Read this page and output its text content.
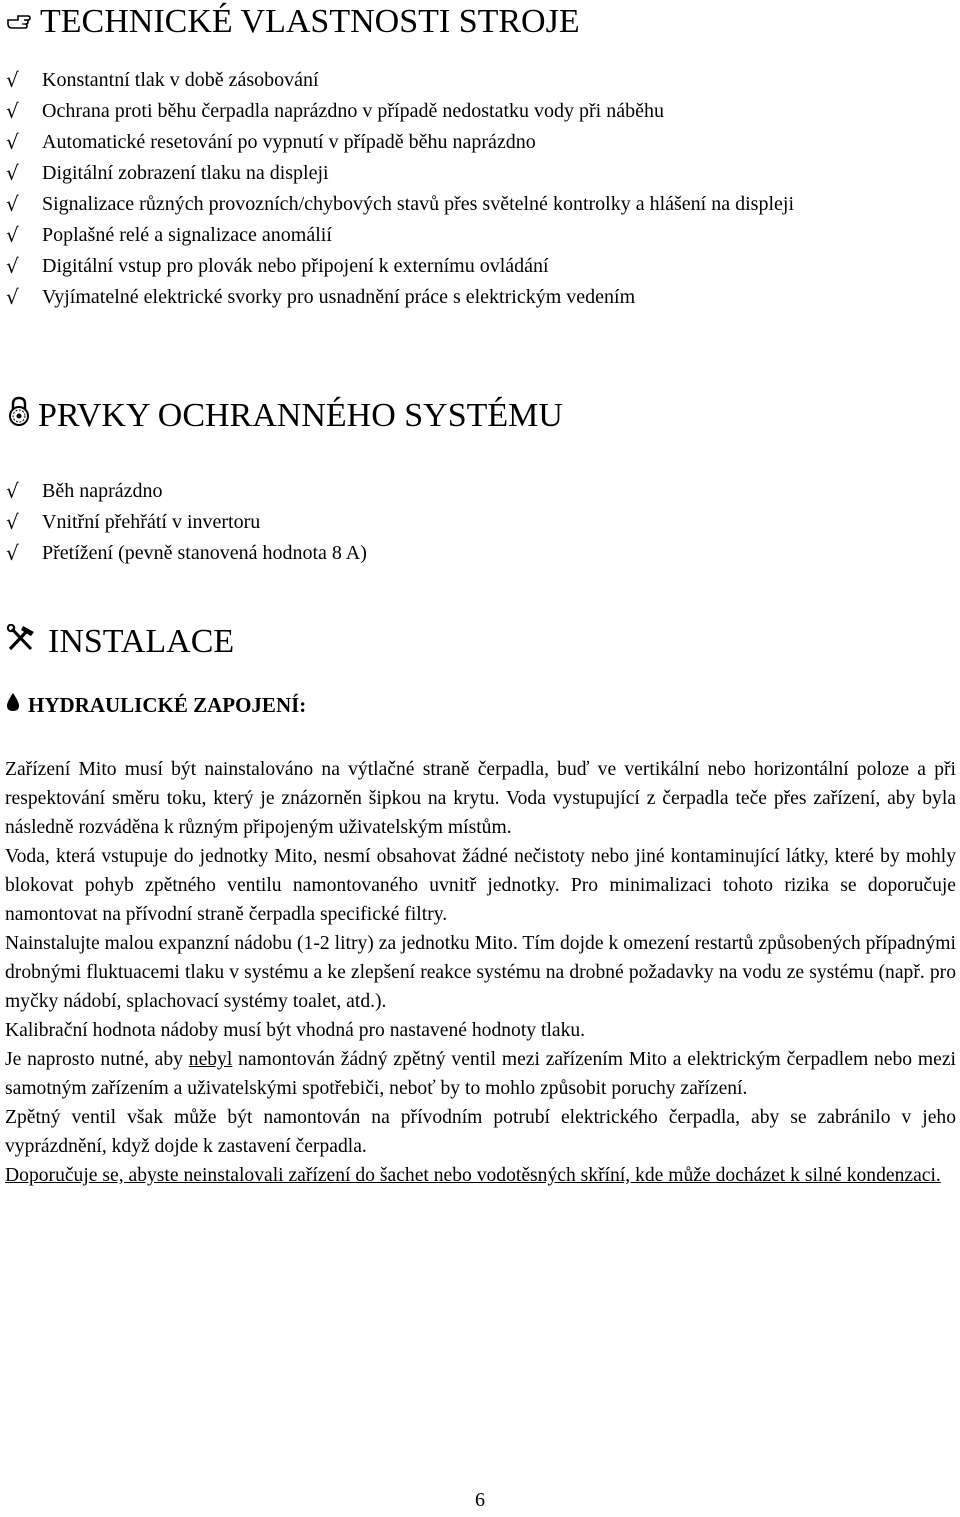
TECHNICKÉ VLASTNOSTI STROJE
√	Konstantní tlak v době zásobování
√	Ochrana proti běhu čerpadla naprázdno v případě nedostatku vody při náběhu
√	Automatické resetování po vypnutí v případě běhu naprázdno
√	Digitální zobrazení tlaku na displeji
√	Signalizace různých provozních/chybových stavů přes světelné kontrolky a hlášení na displeji
√	Poplašné relé a signalizace anomálií
√	Digitální vstup pro plovák nebo připojení k externímu ovládání
√	Vyjímatelné elektrické svorky pro usnadnění práce s elektrickým vedením
PRVKY OCHRANNÉHO SYSTÉMU
√	Běh naprázdno
√	Vnitřní přehřátí v invertoru
√	Přetížení (pevně stanovená hodnota 8 A)
INSTALACE
HYDRAULICKÉ ZAPOJENÍ:

Zařízení Mito musí být nainstalováno na výtlačné straně čerpadla, buď ve vertikální nebo horizontální poloze a při respektování směru toku, který je znázorněn šipkou na krytu. Voda vystupující z čerpadla teče přes zařízení, aby byla následně rozváděna k různým připojeným uživatelským místům.

Voda, která vstupuje do jednotky Mito, nesmí obsahovat žádné nečistoty nebo jiné kontaminující látky, které by mohly blokovat pohyb zpětného ventilu namontovaného uvnitř jednotky. Pro minimalizaci tohoto rizika se doporučuje namontovat na přívodní straně čerpadla specifické filtry.

Nainstalujte malou expanzní nádobu (1-2 litry) za jednotku Mito. Tím dojde k omezení restartů způsobených případnými drobnými fluktuacemi tlaku v systému a ke zlepšení reakce systému na drobné požadavky na vodu ze systému (např. pro myčky nádobí, splachovací systémy toalet, atd.).

Kalibrační hodnota nádoby musí být vhodná pro nastavené hodnoty tlaku.

Je naprosto nutné, aby nebyl namontován žádný zpětný ventil mezi zařízením Mito a elektrickým čerpadlem nebo mezi samotným zařízením a uživatelskými spotřebiči, neboť by to mohlo způsobit poruchy zařízení.

Zpětný ventil však může být namontován na přívodním potrubí elektrického čerpadla, aby se zabránilo v jeho vyprázdnění, když dojde k zastavení čerpadla.

Doporučuje se, abyste neinstalovali zařízení do šachet nebo vodotěsných skříní, kde může docházet k silné kondenzaci.

6
